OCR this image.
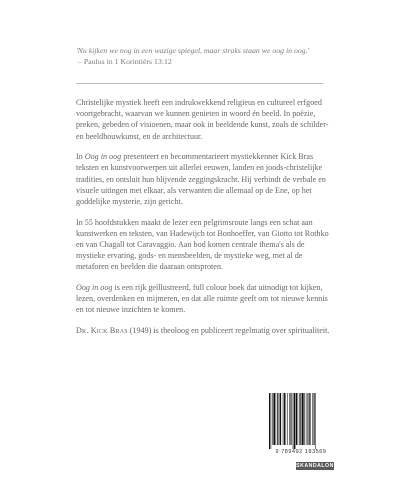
'Nu kijken we nog in een wazige spiegel, maar straks staan we oog in oog.'
– Paulus in 1 Korintiërs 13:12

Christelijke mystiek heeft een indrukwekkend religieus en cultureel erfgoed voortgebracht, waarvan we kunnen genieten in woord én beeld. In poëzie, preken, gebeden of visioenen, maar ook in beeldende kunst, zoals de schilder- en beeldhouwkunst, en de architectuur.

In Oog in oog presenteert en becommentarieert mystiekkenner Kick Bras teksten en kunstvoorwerpen uit allerlei eeuwen, landen en joods-christelijke tradities, en ontsluit hun blijvende zeggingskracht. Hij verbindt de verbale en visuele uitingen met elkaar, als verwanten die allemaal op de Ene, op het goddelijke mysterie, zijn gericht.

In 55 hoofdstukken maakt de lezer een pelgrimsroute langs een schat aan kunstwerken en teksten, van Hadewijch tot Bonhoeffer, van Giotto tot Rothko en van Chagall tot Caravaggio. Aan bod komen centrale thema's als de mystieke ervaring, gods- en mensbeelden, de mystieke weg, met al de metaforen en beelden die daaraan ontsproten.

Oog in oog is een rijk geïllustreerd, full colour boek dat uitnodigt tot kijken, lezen, overdenken en mijmeren, en dat alle ruimte geeft om tot nieuwe kennis en tot nieuwe inzichten te komen.

Dr. Kick Bras (1949) is theoloog en publiceert regelmatig over spiritualiteit.

9 789492 183569
SKANDALON
